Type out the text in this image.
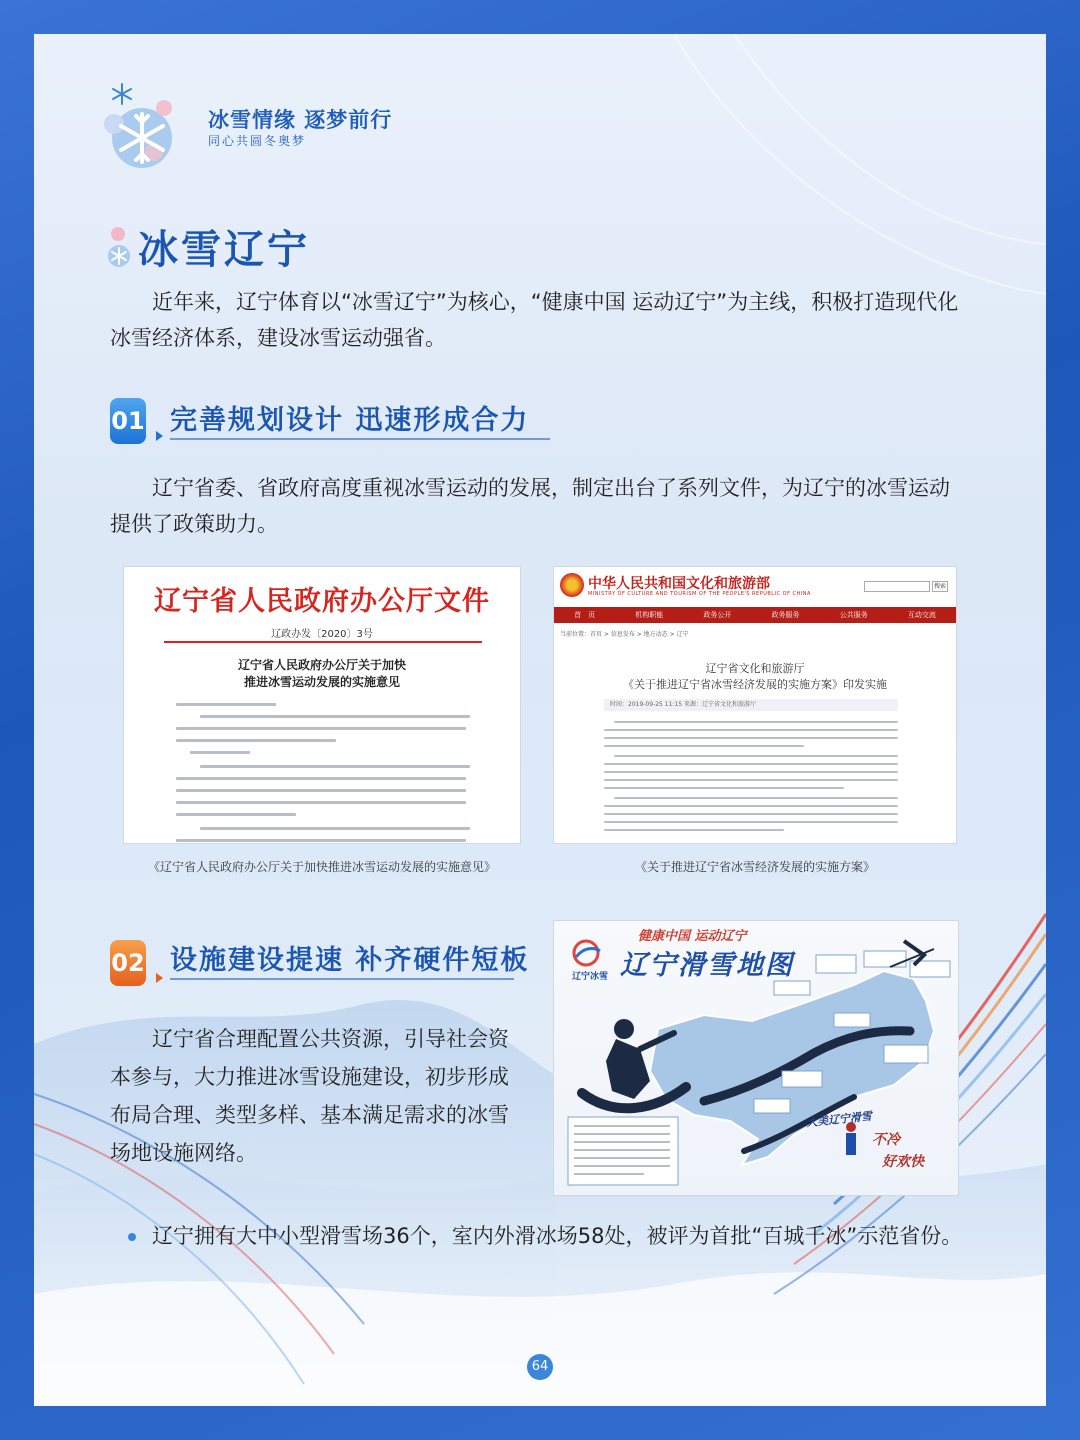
冰雪情缘 逐梦前行
同心共圆冬奥梦
冰雪辽宁
近年来，辽宁体育以“冰雪辽宁”为核心，“健康中国 运动辽宁”为主线，积极打造现代化冰雪经济体系，建设冰雪运动强省。
01 完善规划设计 迅速形成合力
辽宁省委、省政府高度重视冰雪运动的发展，制定出台了系列文件，为辽宁的冰雪运动提供了政策助力。
辽宁省人民政府办公厅文件
辽政办发〔2020〕3号
辽宁省人民政府办公厅关于加快
推进冰雪运动发展的实施意见
《辽宁省人民政府办公厅关于加快推进冰雪运动发展的实施意见》
中华人民共和国文化和旅游部
MINISTRY OF CULTURE AND TOURISM OF THE PEOPLE'S REPUBLIC OF CHINA
搜索
首　页	机构职能	政务公开	政务服务	公共服务	互动交流
当前位置：首页 > 信息发布 > 地方动态 > 辽宁
辽宁省文化和旅游厅
《关于推进辽宁省冰雪经济发展的实施方案》印发实施
时间：2019-09-25 11:15 来源：辽宁省文化和旅游厅
《关于推进辽宁省冰雪经济发展的实施方案》
02 设施建设提速 补齐硬件短板
辽宁省合理配置公共资源，引导社会资本参与，大力推进冰雪设施建设，初步形成布局合理、类型多样、基本满足需求的冰雪场地设施网络。
健康中国 运动辽宁
辽宁滑雪地图
辽宁冰雪
大美辽宁滑雪
不冷
好欢快
辽宁拥有大中小型滑雪场36个，室内外滑冰场58处，被评为首批“百城千冰”示范省份。
64
